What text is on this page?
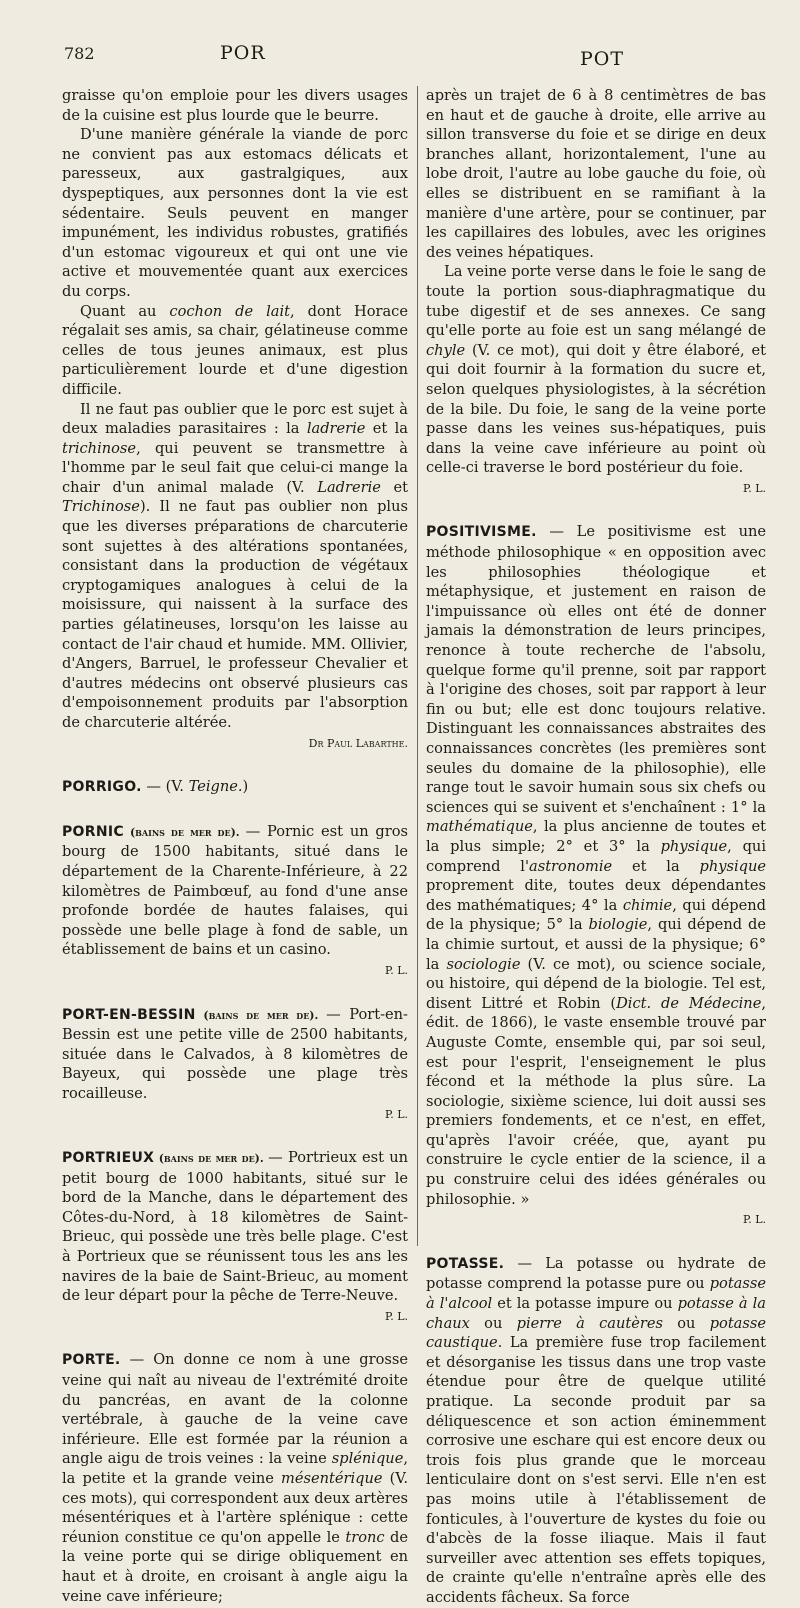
782	POR	POT

graisse qu'on emploie pour les divers usages de la cuisine est plus lourde que le beurre.

D'une manière générale la viande de porc ne convient pas aux estomacs délicats et paresseux, aux gastralgiques, aux dyspeptiques, aux personnes dont la vie est sédentaire. Seuls peuvent en manger impunément, les individus robustes, gratifiés d'un estomac vigoureux et qui ont une vie active et mouvementée quant aux exercices du corps.

Quant au cochon de lait, dont Horace régalait ses amis, sa chair, gélatineuse comme celles de tous jeunes animaux, est plus particulièrement lourde et d'une digestion difficile.

Il ne faut pas oublier que le porc est sujet à deux maladies parasitaires : la ladrerie et la trichinose, qui peuvent se transmettre à l'homme par le seul fait que celui-ci mange la chair d'un animal malade (V. Ladrerie et Trichinose). Il ne faut pas oublier non plus que les diverses préparations de charcuterie sont sujettes à des altérations spontanées, consistant dans la production de végétaux cryptogamiques analogues à celui de la moisissure, qui naissent à la surface des parties gélatineuses, lorsqu'on les laisse au contact de l'air chaud et humide. MM. Ollivier, d'Angers, Barruel, le professeur Chevalier et d'autres médecins ont observé plusieurs cas d'empoisonnement produits par l'absorption de charcuterie altérée.

Dr Paul Labarthe.

PORRIGO. — (V. Teigne.)

PORNIC (bains de mer de). — Pornic est un gros bourg de 1500 habitants, situé dans le département de la Charente-Inférieure, à 22 kilomètres de Paimbœuf, au fond d'une anse profonde bordée de hautes falaises, qui possède une belle plage à fond de sable, un établissement de bains et un casino.

P. L.

PORT-EN-BESSIN (bains de mer de). — Port-en-Bessin est une petite ville de 2500 habitants, située dans le Calvados, à 8 kilomètres de Bayeux, qui possède une plage très rocailleuse.

P. L.

PORTRIEUX (bains de mer de). — Portrieux est un petit bourg de 1000 habitants, situé sur le bord de la Manche, dans le département des Côtes-du-Nord, à 18 kilomètres de Saint-Brieuc, qui possède une très belle plage. C'est à Portrieux que se réunissent tous les ans les navires de la baie de Saint-Brieuc, au moment de leur départ pour la pêche de Terre-Neuve.

P. L.

PORTE. — On donne ce nom à une grosse veine qui naît au niveau de l'extrémité droite du pancréas, en avant de la colonne vertébrale, à gauche de la veine cave inférieure. Elle est formée par la réunion a angle aigu de trois veines : la veine splénique, la petite et la grande veine mésentérique (V. ces mots), qui correspondent aux deux artères mésentériques et à l'artère splénique : cette réunion constitue ce qu'on appelle le tronc de la veine porte qui se dirige obliquement en haut et à droite, en croisant à angle aigu la veine cave inférieure;

après un trajet de 6 à 8 centimètres de bas en haut et de gauche à droite, elle arrive au sillon transverse du foie et se dirige en deux branches allant, horizontalement, l'une au lobe droit, l'autre au lobe gauche du foie, où elles se distribuent en se ramifiant à la manière d'une artère, pour se continuer, par les capillaires des lobules, avec les origines des veines hépatiques.

La veine porte verse dans le foie le sang de toute la portion sous-diaphragmatique du tube digestif et de ses annexes. Ce sang qu'elle porte au foie est un sang mélangé de chyle (V. ce mot), qui doit y être élaboré, et qui doit fournir à la formation du sucre et, selon quelques physiologistes, à la sécrétion de la bile. Du foie, le sang de la veine porte passe dans les veines sus-hépatiques, puis dans la veine cave inférieure au point où celle-ci traverse le bord postérieur du foie.

P. L.

POSITIVISME. — Le positivisme est une méthode philosophique « en opposition avec les philosophies théologique et métaphysique, et justement en raison de l'impuissance où elles ont été de donner jamais la démonstration de leurs principes, renonce à toute recherche de l'absolu, quelque forme qu'il prenne, soit par rapport à l'origine des choses, soit par rapport à leur fin ou but; elle est donc toujours relative. Distinguant les connaissances abstraites des connaissances concrètes (les premières sont seules du domaine de la philosophie), elle range tout le savoir humain sous six chefs ou sciences qui se suivent et s'enchaînent : 1° la mathématique, la plus ancienne de toutes et la plus simple; 2° et 3° la physique, qui comprend l'astronomie et la physique proprement dite, toutes deux dépendantes des mathématiques; 4° la chimie, qui dépend de la physique; 5° la biologie, qui dépend de la chimie surtout, et aussi de la physique; 6° la sociologie (V. ce mot), ou science sociale, ou histoire, qui dépend de la biologie. Tel est, disent Littré et Robin (Dict. de Médecine, édit. de 1866), le vaste ensemble trouvé par Auguste Comte, ensemble qui, par soi seul, est pour l'esprit, l'enseignement le plus fécond et la méthode la plus sûre. La sociologie, sixième science, lui doit aussi ses premiers fondements, et ce n'est, en effet, qu'après l'avoir créée, que, ayant pu construire le cycle entier de la science, il a pu construire celui des idées générales ou philosophie. »

P. L.

POTASSE. — La potasse ou hydrate de potasse comprend la potasse pure ou potasse à l'alcool et la potasse impure ou potasse à la chaux ou pierre à cautères ou potasse caustique. La première fuse trop facilement et désorganise les tissus dans une trop vaste étendue pour être de quelque utilité pratique. La seconde produit par sa déliquescence et son action éminemment corrosive une eschare qui est encore deux ou trois fois plus grande que le morceau lenticulaire dont on s'est servi. Elle n'en est pas moins utile à l'établissement de fonticules, à l'ouverture de kystes du foie ou d'abcès de la fosse iliaque. Mais il faut surveiller avec attention ses effets topiques, de crainte qu'elle n'entraîne après elle des accidents fâcheux. Sa force
